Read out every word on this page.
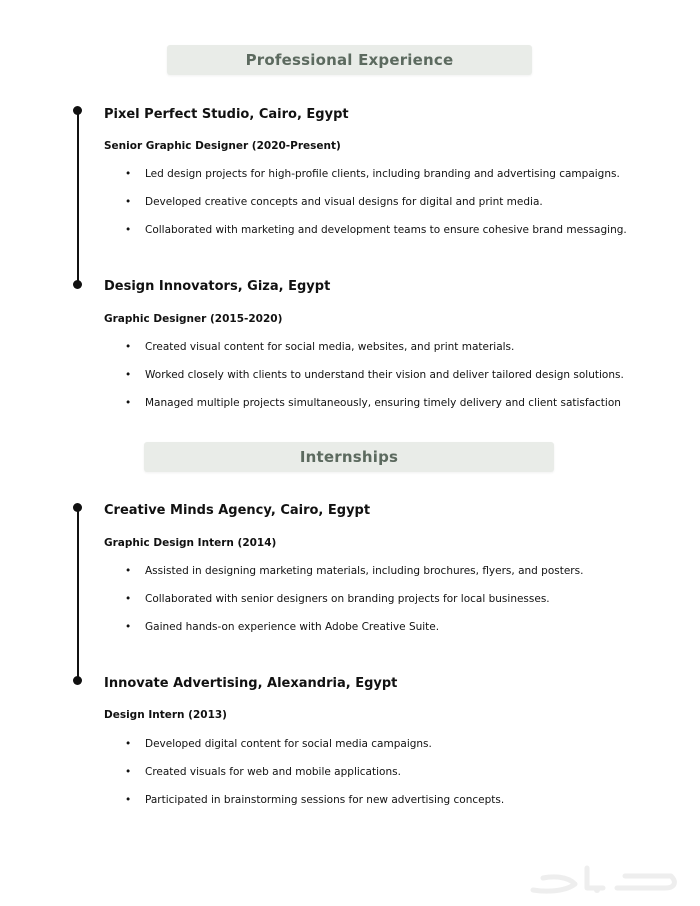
Professional Experience
Pixel Perfect Studio, Cairo, Egypt
Senior Graphic Designer (2020-Present)
• Led design projects for high-profile clients, including branding and advertising campaigns.
• Developed creative concepts and visual designs for digital and print media.
• Collaborated with marketing and development teams to ensure cohesive brand messaging.
Design Innovators, Giza, Egypt
Graphic Designer (2015-2020)
• Created visual content for social media, websites, and print materials.
• Worked closely with clients to understand their vision and deliver tailored design solutions.
• Managed multiple projects simultaneously, ensuring timely delivery and client satisfaction
Internships
Creative Minds Agency, Cairo, Egypt
Graphic Design Intern (2014)
• Assisted in designing marketing materials, including brochures, flyers, and posters.
• Collaborated with senior designers on branding projects for local businesses.
• Gained hands-on experience with Adobe Creative Suite.
Innovate Advertising, Alexandria, Egypt
Design Intern (2013)
• Developed digital content for social media campaigns.
• Created visuals for web and mobile applications.
• Participated in brainstorming sessions for new advertising concepts.
